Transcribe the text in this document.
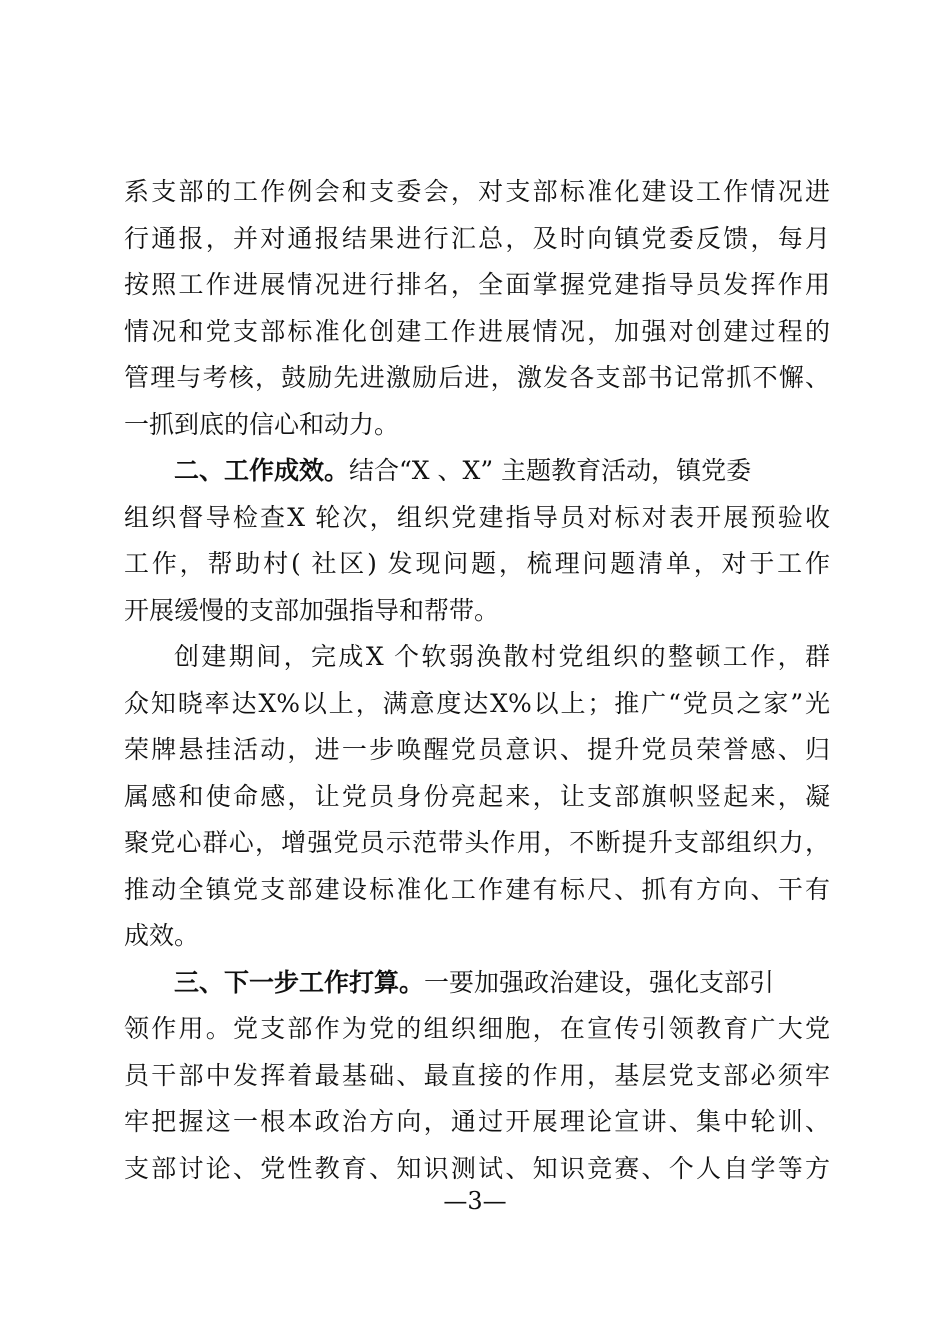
系支部的工作例会和支委会，对支部标准化建设工作情况进
行通报，并对通报结果进行汇总，及时向镇党委反馈，每月
按照工作进展情况进行排名，全面掌握党建指导员发挥作用
情况和党支部标准化创建工作进展情况，加强对创建过程的
管理与考核，鼓励先进激励后进，激发各支部书记常抓不懈、
一抓到底的信心和动力。
二、工作成效。结合“X 、X” 主题教育活动，镇党委
组织督导检查X 轮次，组织党建指导员对标对表开展预验收
工作，帮助村( 社区) 发现问题，梳理问题清单，对于工作
开展缓慢的支部加强指导和帮带。
创建期间，完成X 个软弱涣散村党组织的整顿工作，群
众知晓率达X%以上，满意度达X%以上；推广“党员之家”光
荣牌悬挂活动，进一步唤醒党员意识、提升党员荣誉感、归
属感和使命感，让党员身份亮起来，让支部旗帜竖起来，凝
聚党心群心，增强党员示范带头作用，不断提升支部组织力，
推动全镇党支部建设标准化工作建有标尺、抓有方向、干有
成效。
三、下一步工作打算。一要加强政治建设，强化支部引
领作用。党支部作为党的组织细胞，在宣传引领教育广大党
员干部中发挥着最基础、最直接的作用，基层党支部必须牢
牢把握这一根本政治方向，通过开展理论宣讲、集中轮训、
支部讨论、党性教育、知识测试、知识竞赛、个人自学等方
—3—
